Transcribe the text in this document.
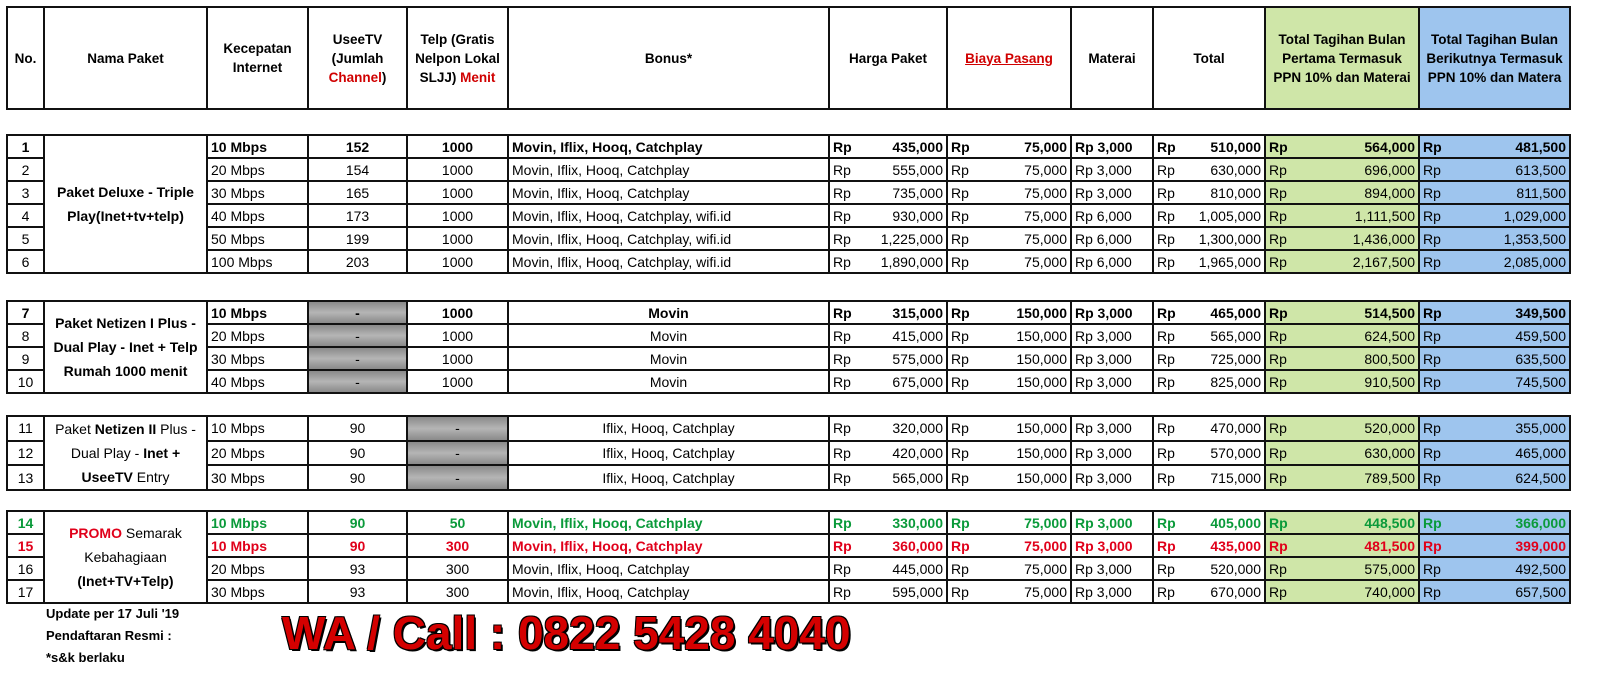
No.	Nama Paket	Kecepatan Internet	UseeTV (Jumlah Channel)	Telp (Gratis Nelpon Lokal SLJJ) Menit	Bonus*	Harga Paket	Biaya Pasang	Materai	Total	Total Tagihan Bulan Pertama Termasuk PPN 10% dan Materai	Total Tagihan Bulan Berikutnya Termasuk PPN 10% dan Matera
1	Paket Deluxe - Triple Play(Inet+tv+telp)	10 Mbps	152	1000	Movin, Iflix, Hooq, Catchplay	Rp	435,000	Rp	75,000	Rp 3,000	Rp	510,000	Rp	564,000	Rp	481,500
2		20 Mbps	154	1000	Movin, Iflix, Hooq, Catchplay	Rp	555,000	Rp	75,000	Rp 3,000	Rp	630,000	Rp	696,000	Rp	613,500
3		30 Mbps	165	1000	Movin, Iflix, Hooq, Catchplay	Rp	735,000	Rp	75,000	Rp 3,000	Rp	810,000	Rp	894,000	Rp	811,500
4		40 Mbps	173	1000	Movin, Iflix, Hooq, Catchplay, wifi.id	Rp	930,000	Rp	75,000	Rp 6,000	Rp	1,005,000	Rp	1,111,500	Rp	1,029,000
5		50 Mbps	199	1000	Movin, Iflix, Hooq, Catchplay, wifi.id	Rp	1,225,000	Rp	75,000	Rp 6,000	Rp	1,300,000	Rp	1,436,000	Rp	1,353,500
6		100 Mbps	203	1000	Movin, Iflix, Hooq, Catchplay, wifi.id	Rp	1,890,000	Rp	75,000	Rp 6,000	Rp	1,965,000	Rp	2,167,500	Rp	2,085,000
7	Paket Netizen I Plus - Dual Play - Inet + Telp Rumah 1000 menit	10 Mbps	-	1000	Movin	Rp	315,000	Rp	150,000	Rp 3,000	Rp	465,000	Rp	514,500	Rp	349,500
8		20 Mbps	-	1000	Movin	Rp	415,000	Rp	150,000	Rp 3,000	Rp	565,000	Rp	624,500	Rp	459,500
9		30 Mbps	-	1000	Movin	Rp	575,000	Rp	150,000	Rp 3,000	Rp	725,000	Rp	800,500	Rp	635,500
10		40 Mbps	-	1000	Movin	Rp	675,000	Rp	150,000	Rp 3,000	Rp	825,000	Rp	910,500	Rp	745,500
11	Paket Netizen II Plus - Dual Play - Inet + UseeTV Entry	10 Mbps	90	-	Iflix, Hooq, Catchplay	Rp	320,000	Rp	150,000	Rp 3,000	Rp	470,000	Rp	520,000	Rp	355,000
12		20 Mbps	90	-	Iflix, Hooq, Catchplay	Rp	420,000	Rp	150,000	Rp 3,000	Rp	570,000	Rp	630,000	Rp	465,000
13		30 Mbps	90	-	Iflix, Hooq, Catchplay	Rp	565,000	Rp	150,000	Rp 3,000	Rp	715,000	Rp	789,500	Rp	624,500
14	PROMO Semarak Kebahagiaan (Inet+TV+Telp)	10 Mbps	90	50	Movin, Iflix, Hooq, Catchplay	Rp	330,000	Rp	75,000	Rp 3,000	Rp	405,000	Rp	448,500	Rp	366,000
15		10 Mbps	90	300	Movin, Iflix, Hooq, Catchplay	Rp	360,000	Rp	75,000	Rp 3,000	Rp	435,000	Rp	481,500	Rp	399,000
16		20 Mbps	93	300	Movin, Iflix, Hooq, Catchplay	Rp	445,000	Rp	75,000	Rp 3,000	Rp	520,000	Rp	575,000	Rp	492,500
17		30 Mbps	93	300	Movin, Iflix, Hooq, Catchplay	Rp	595,000	Rp	75,000	Rp 3,000	Rp	670,000	Rp	740,000	Rp	657,500
Update per 17 Juli '19
Pendaftaran Resmi :
*s&k berlaku	WA / Call : 0822 5428 4040
